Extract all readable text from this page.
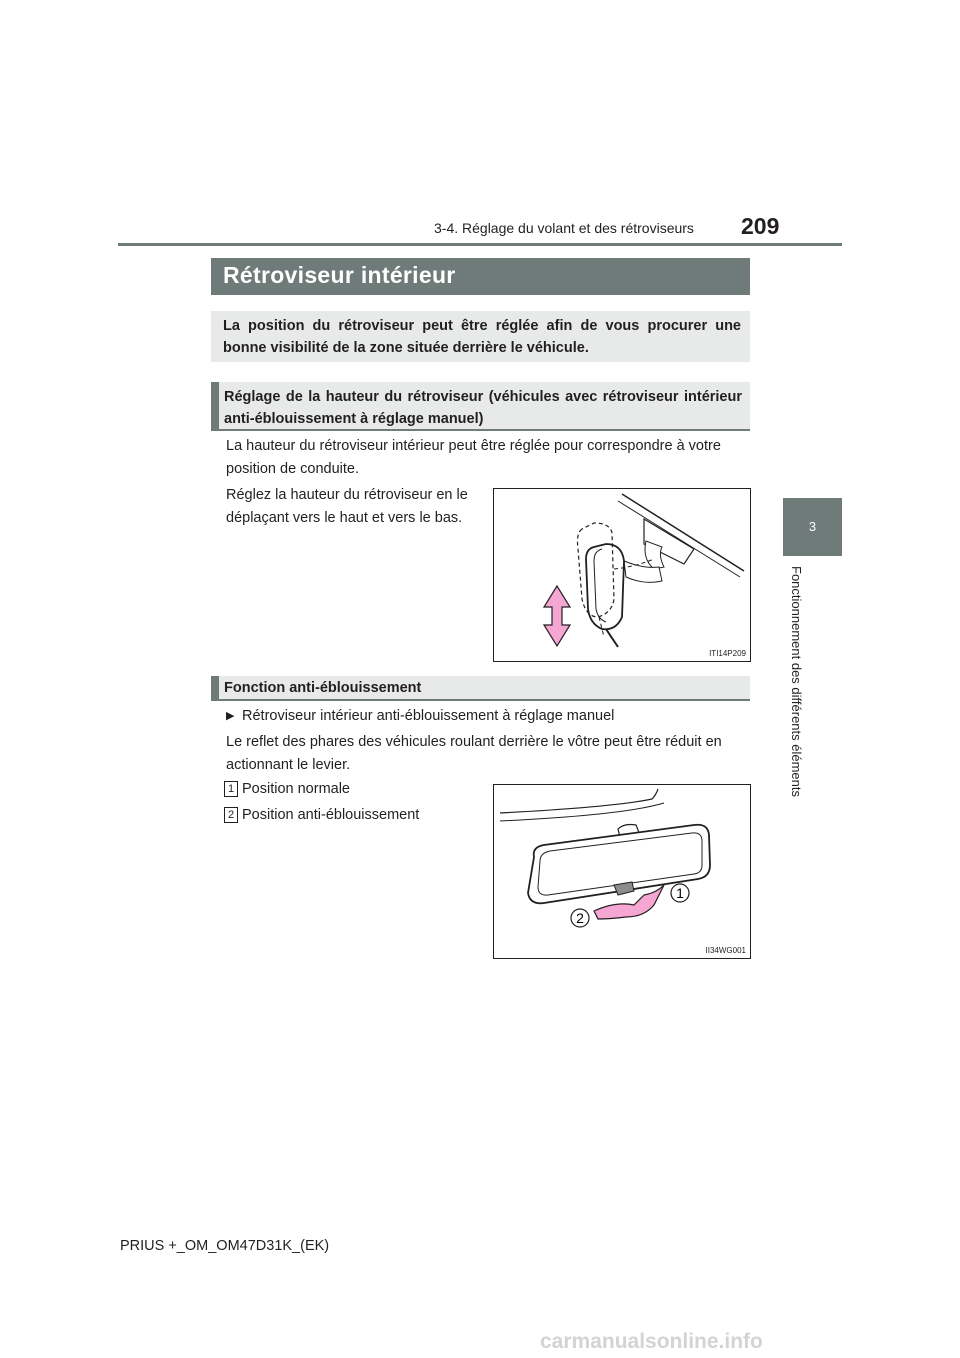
3-4. Réglage du volant et des rétroviseurs 209
3
Fonctionnement des différents éléments
Rétroviseur intérieur
La position du rétroviseur peut être réglée afin de vous procurer une bonne visibilité de la zone située derrière le véhicule.
Réglage de la hauteur du rétroviseur (véhicules avec rétroviseur intérieur anti-éblouissement à réglage manuel)
La hauteur du rétroviseur intérieur peut être réglée pour correspondre à votre position de conduite.
Réglez la hauteur du rétroviseur en le déplaçant vers le haut et vers le bas.
ITI14P209
Fonction anti-éblouissement
▶ Rétroviseur intérieur anti-éblouissement à réglage manuel
Le reflet des phares des véhicules roulant derrière le vôtre peut être réduit en actionnant le levier.
1 Position normale
2 Position anti-éblouissement
1
2
II34WG001
PRIUS +_OM_OM47D31K_(EK)
carmanualsonline.info
